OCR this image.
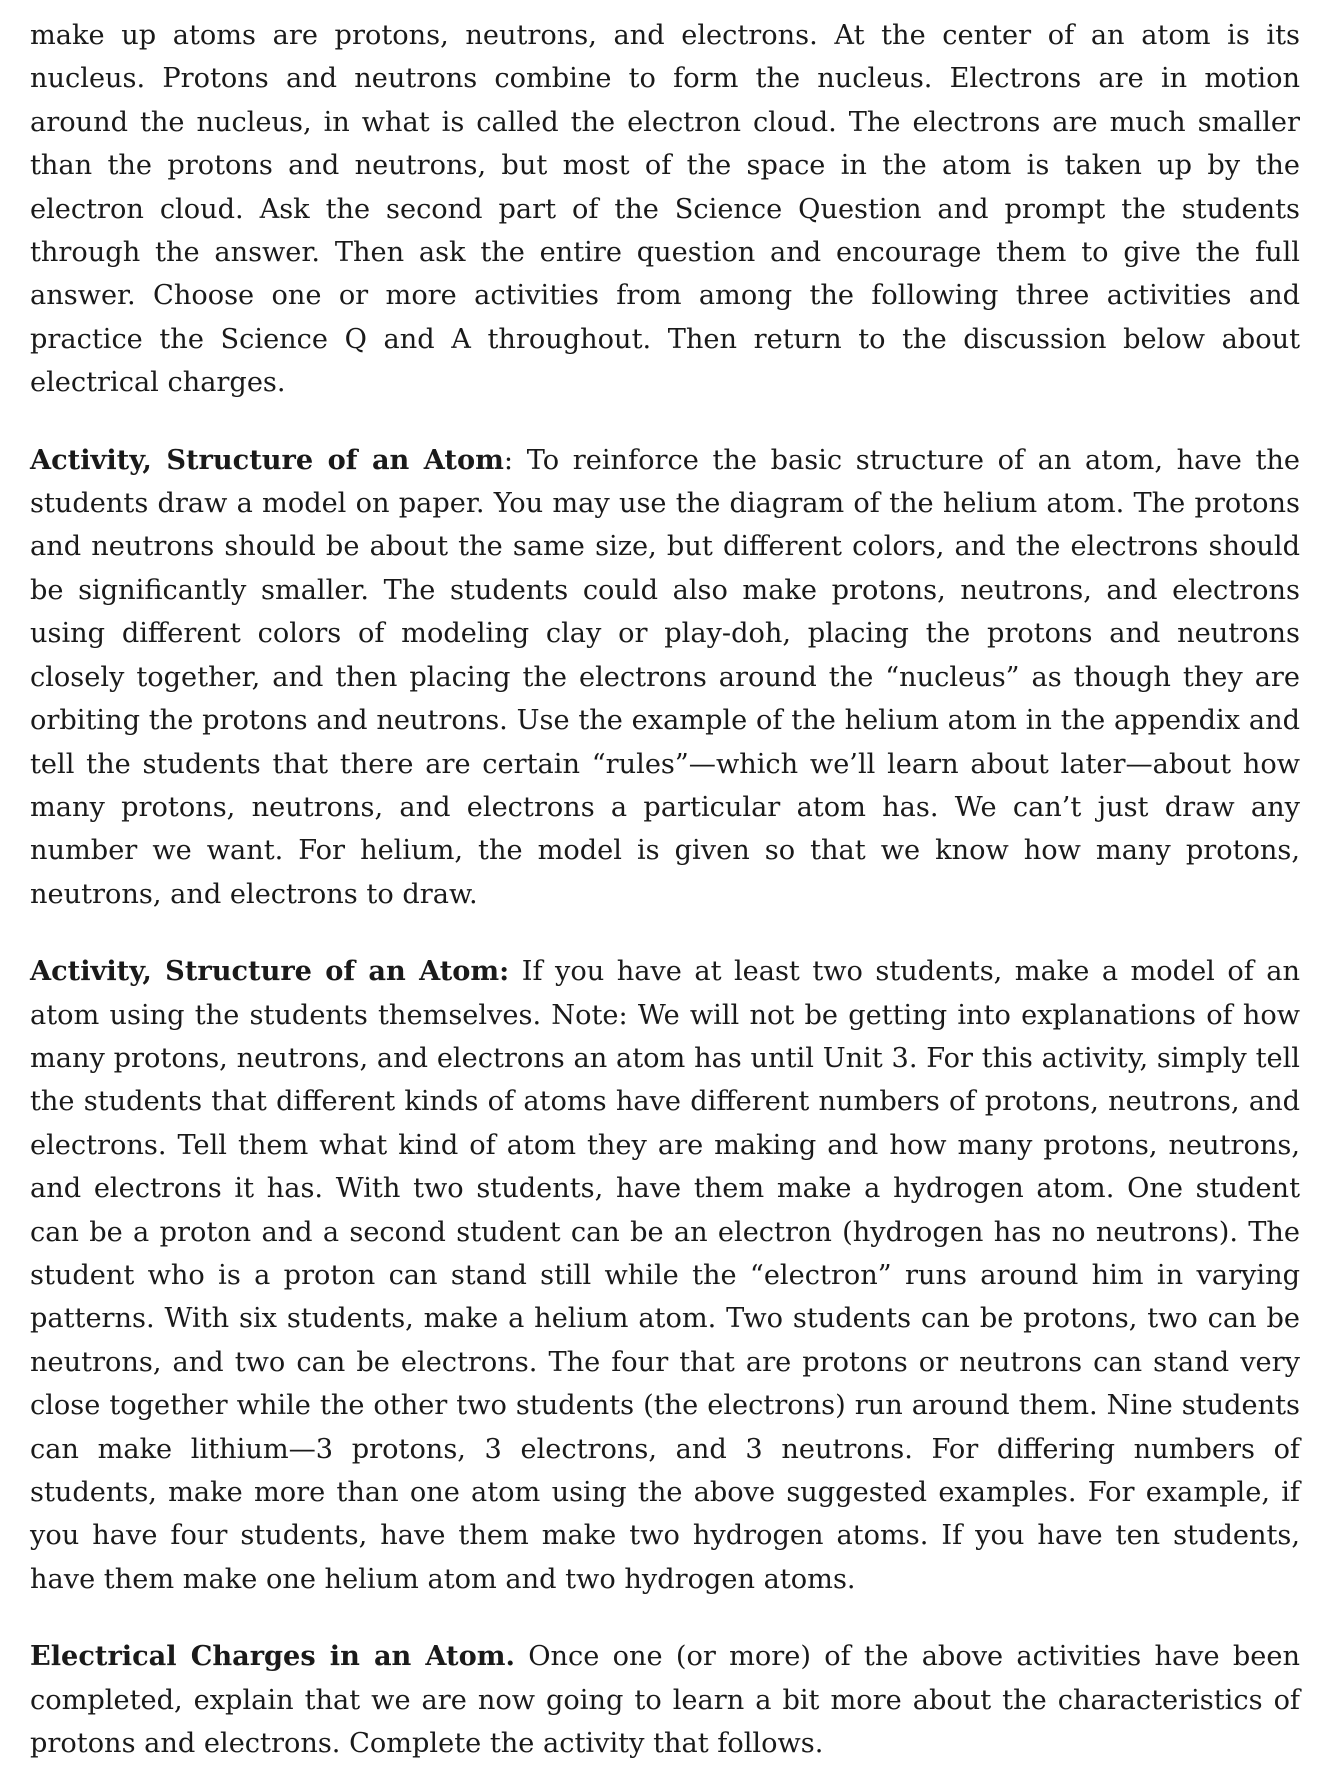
make up atoms are protons, neutrons, and electrons. At the center of an atom is its nucleus. Protons and neutrons combine to form the nucleus. Electrons are in motion around the nucleus, in what is called the electron cloud. The electrons are much smaller than the protons and neutrons, but most of the space in the atom is taken up by the electron cloud. Ask the second part of the Science Question and prompt the students through the answer. Then ask the entire question and encourage them to give the full answer. Choose one or more activities from among the following three activities and practice the Science Q and A throughout. Then return to the discussion below about electrical charges.

Activity, Structure of an Atom: To reinforce the basic structure of an atom, have the students draw a model on paper. You may use the diagram of the helium atom. The protons and neutrons should be about the same size, but different colors, and the electrons should be significantly smaller. The students could also make protons, neutrons, and electrons using different colors of modeling clay or play-doh, placing the protons and neutrons closely together, and then placing the electrons around the “nucleus” as though they are orbiting the protons and neutrons. Use the example of the helium atom in the appendix and tell the students that there are certain “rules”—which we’ll learn about later—about how many protons, neutrons, and electrons a particular atom has. We can’t just draw any number we want. For helium, the model is given so that we know how many protons, neutrons, and electrons to draw.

Activity, Structure of an Atom: If you have at least two students, make a model of an atom using the students themselves. Note: We will not be getting into explanations of how many protons, neutrons, and electrons an atom has until Unit 3. For this activity, simply tell the students that different kinds of atoms have different numbers of protons, neutrons, and electrons. Tell them what kind of atom they are making and how many protons, neutrons, and electrons it has. With two students, have them make a hydrogen atom. One student can be a proton and a second student can be an electron (hydrogen has no neutrons). The student who is a proton can stand still while the “electron” runs around him in varying patterns. With six students, make a helium atom. Two students can be protons, two can be neutrons, and two can be electrons. The four that are protons or neutrons can stand very close together while the other two students (the electrons) run around them. Nine students can make lithium—3 protons, 3 electrons, and 3 neutrons. For differing numbers of students, make more than one atom using the above suggested examples. For example, if you have four students, have them make two hydrogen atoms. If you have ten students, have them make one helium atom and two hydrogen atoms.

Electrical Charges in an Atom. Once one (or more) of the above activities have been completed, explain that we are now going to learn a bit more about the characteristics of protons and electrons. Complete the activity that follows.
